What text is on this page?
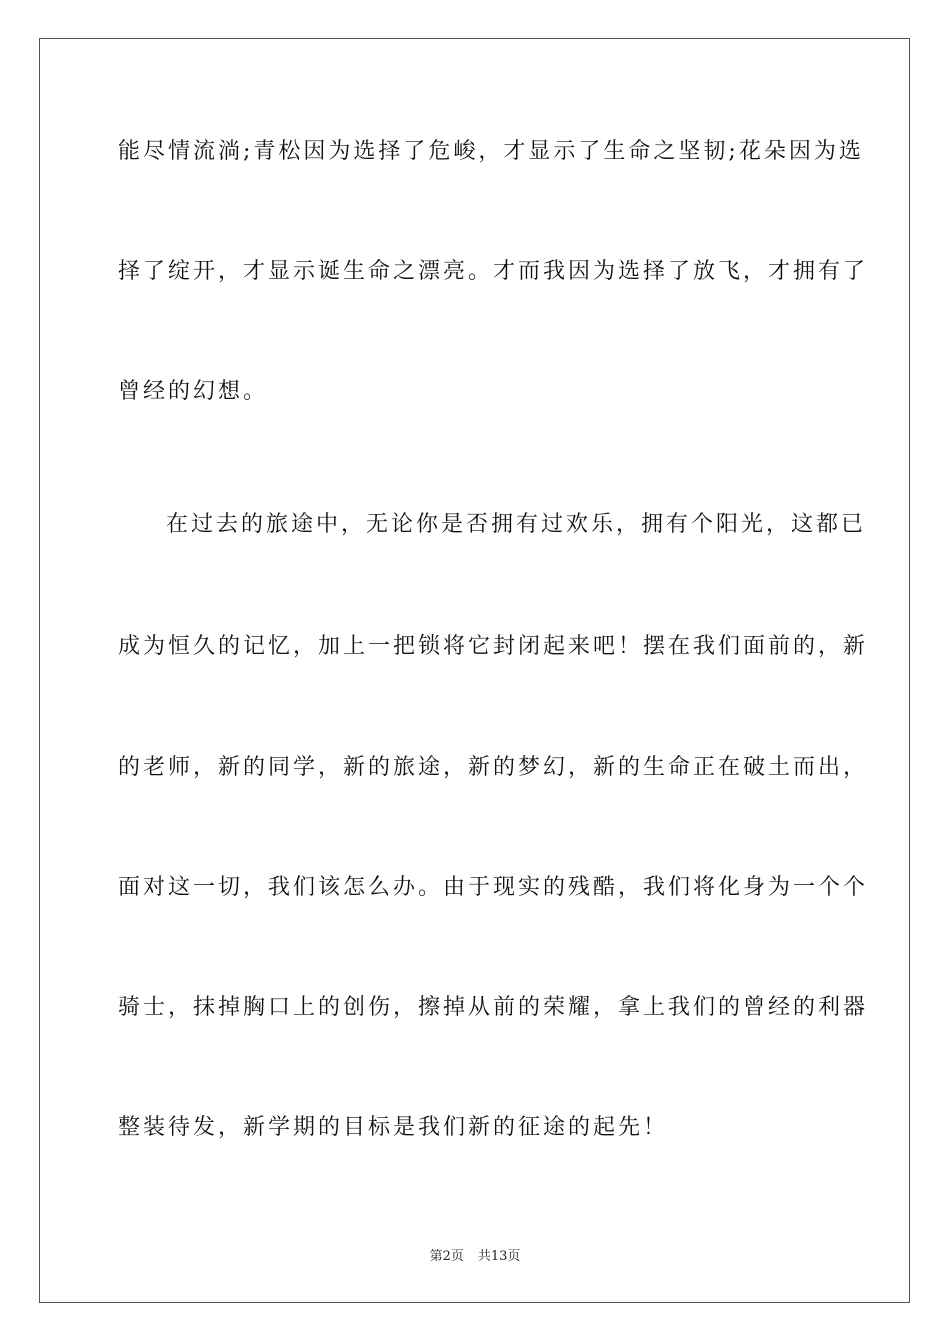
能尽情流淌;青松因为选择了危峻，才显示了生命之坚韧;花朵因为选
择了绽开，才显示诞生命之漂亮。才而我因为选择了放飞，才拥有了
曾经的幻想。
在过去的旅途中，无论你是否拥有过欢乐，拥有个阳光，这都已
成为恒久的记忆，加上一把锁将它封闭起来吧！摆在我们面前的，新
的老师，新的同学，新的旅途，新的梦幻，新的生命正在破土而出，
面对这一切，我们该怎么办。由于现实的残酷，我们将化身为一个个
骑士，抹掉胸口上的创伤，擦掉从前的荣耀，拿上我们的曾经的利器
整装待发，新学期的目标是我们新的征途的起先！
第2页 共13页
